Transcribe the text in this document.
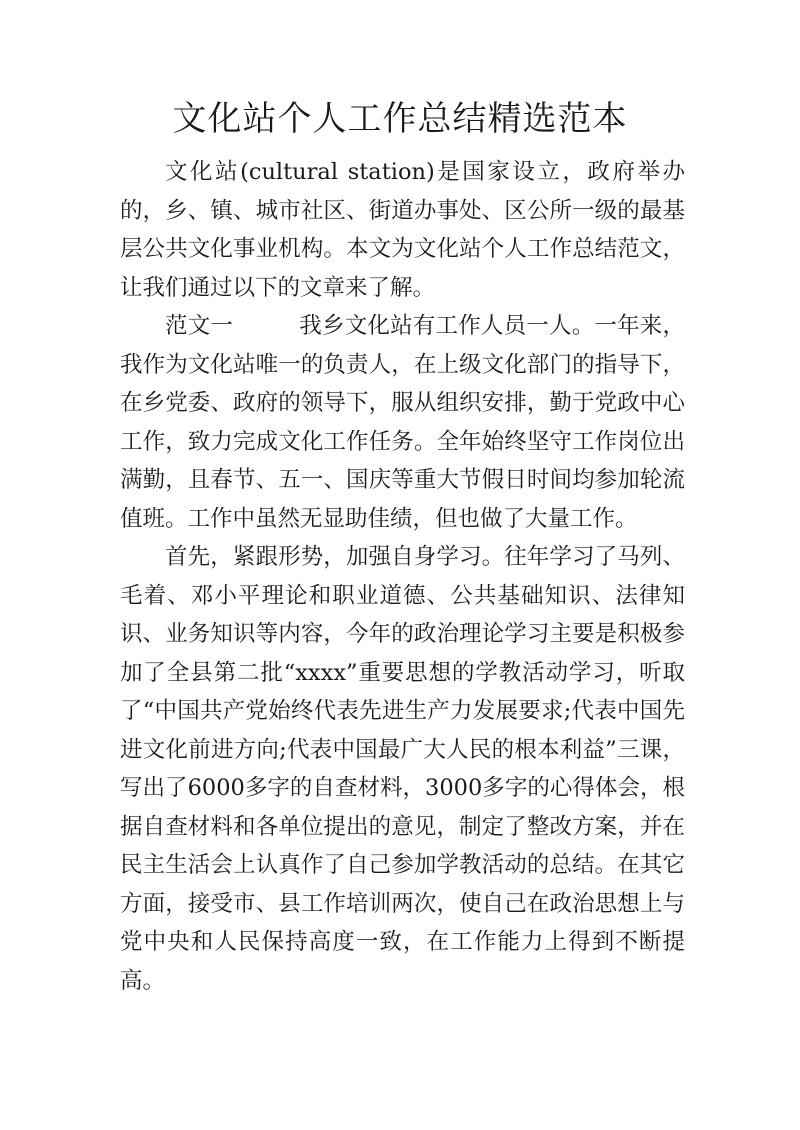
文化站个人工作总结精选范本

文化站(cultural station)是国家设立，政府举办的，乡、镇、城市社区、街道办事处、区公所一级的最基层公共文化事业机构。本文为文化站个人工作总结范文，让我们通过以下的文章来了解。

范文一	我乡文化站有工作人员一人。一年来，我作为文化站唯一的负责人，在上级文化部门的指导下，在乡党委、政府的领导下，服从组织安排，勤于党政中心工作，致力完成文化工作任务。全年始终坚守工作岗位出满勤，且春节、五一、国庆等重大节假日时间均参加轮流值班。工作中虽然无显助佳绩，但也做了大量工作。

首先，紧跟形势，加强自身学习。往年学习了马列、毛着、邓小平理论和职业道德、公共基础知识、法律知识、业务知识等内容，今年的政治理论学习主要是积极参加了全县第二批“xxxx”重要思想的学教活动学习，听取了“中国共产党始终代表先进生产力发展要求;代表中国先进文化前进方向;代表中国最广大人民的根本利益”三课，写出了6000多字的自查材料，3000多字的心得体会，根据自查材料和各单位提出的意见，制定了整改方案，并在民主生活会上认真作了自己参加学教活动的总结。在其它方面，接受市、县工作培训两次，使自己在政治思想上与党中央和人民保持高度一致，在工作能力上得到不断提高。
